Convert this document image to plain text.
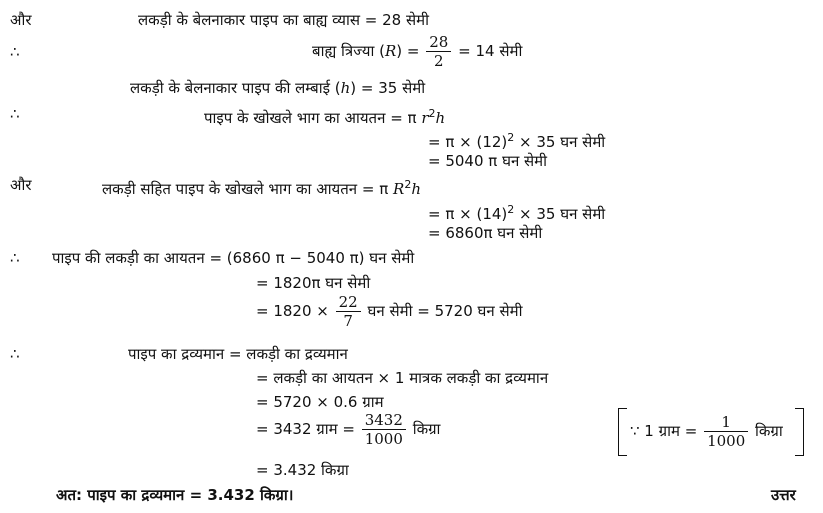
और	लकड़ी के बेलनाकार पाइप का बाह्य व्यास = 28 सेमी
∴	बाह्य त्रिज्या $(R) = \frac{28}{2} = 14$ सेमी
लकड़ी के बेलनाकार पाइप की लम्बाई (h) = 35 सेमी
∴	पाइप के खोखले भाग का आयतन = π $r^2h$
= $\pi \times (12)^2 \times 35$ घन सेमी
= 5040 π घन सेमी
और	लकड़ी सहित पाइप के खोखले भाग का आयतन = π $R^2h$
= $\pi \times (14)^2 \times 35$ घन सेमी
= 6860π घन सेमी
∴ पाइप की लकड़ी का आयतन = (6860 π − 5040 π) घन सेमी
= 1820π घन सेमी
= $1820 \times \frac{22}{7}$ घन सेमी = 5720 घन सेमी
∴	पाइप का द्रव्यमान = लकड़ी का द्रव्यमान
= लकड़ी का आयतन × 1 मात्रक लकड़ी का द्रव्यमान
= 5720 × 0.6 ग्राम
= 3432 ग्राम = $\frac{3432}{1000}$ किग्रा	∵ 1 ग्राम = $\frac{1}{1000}$ किग्रा
= 3.432 किग्रा
अत: पाइप का द्रव्यमान = 3.432 किग्रा।	उत्तर
